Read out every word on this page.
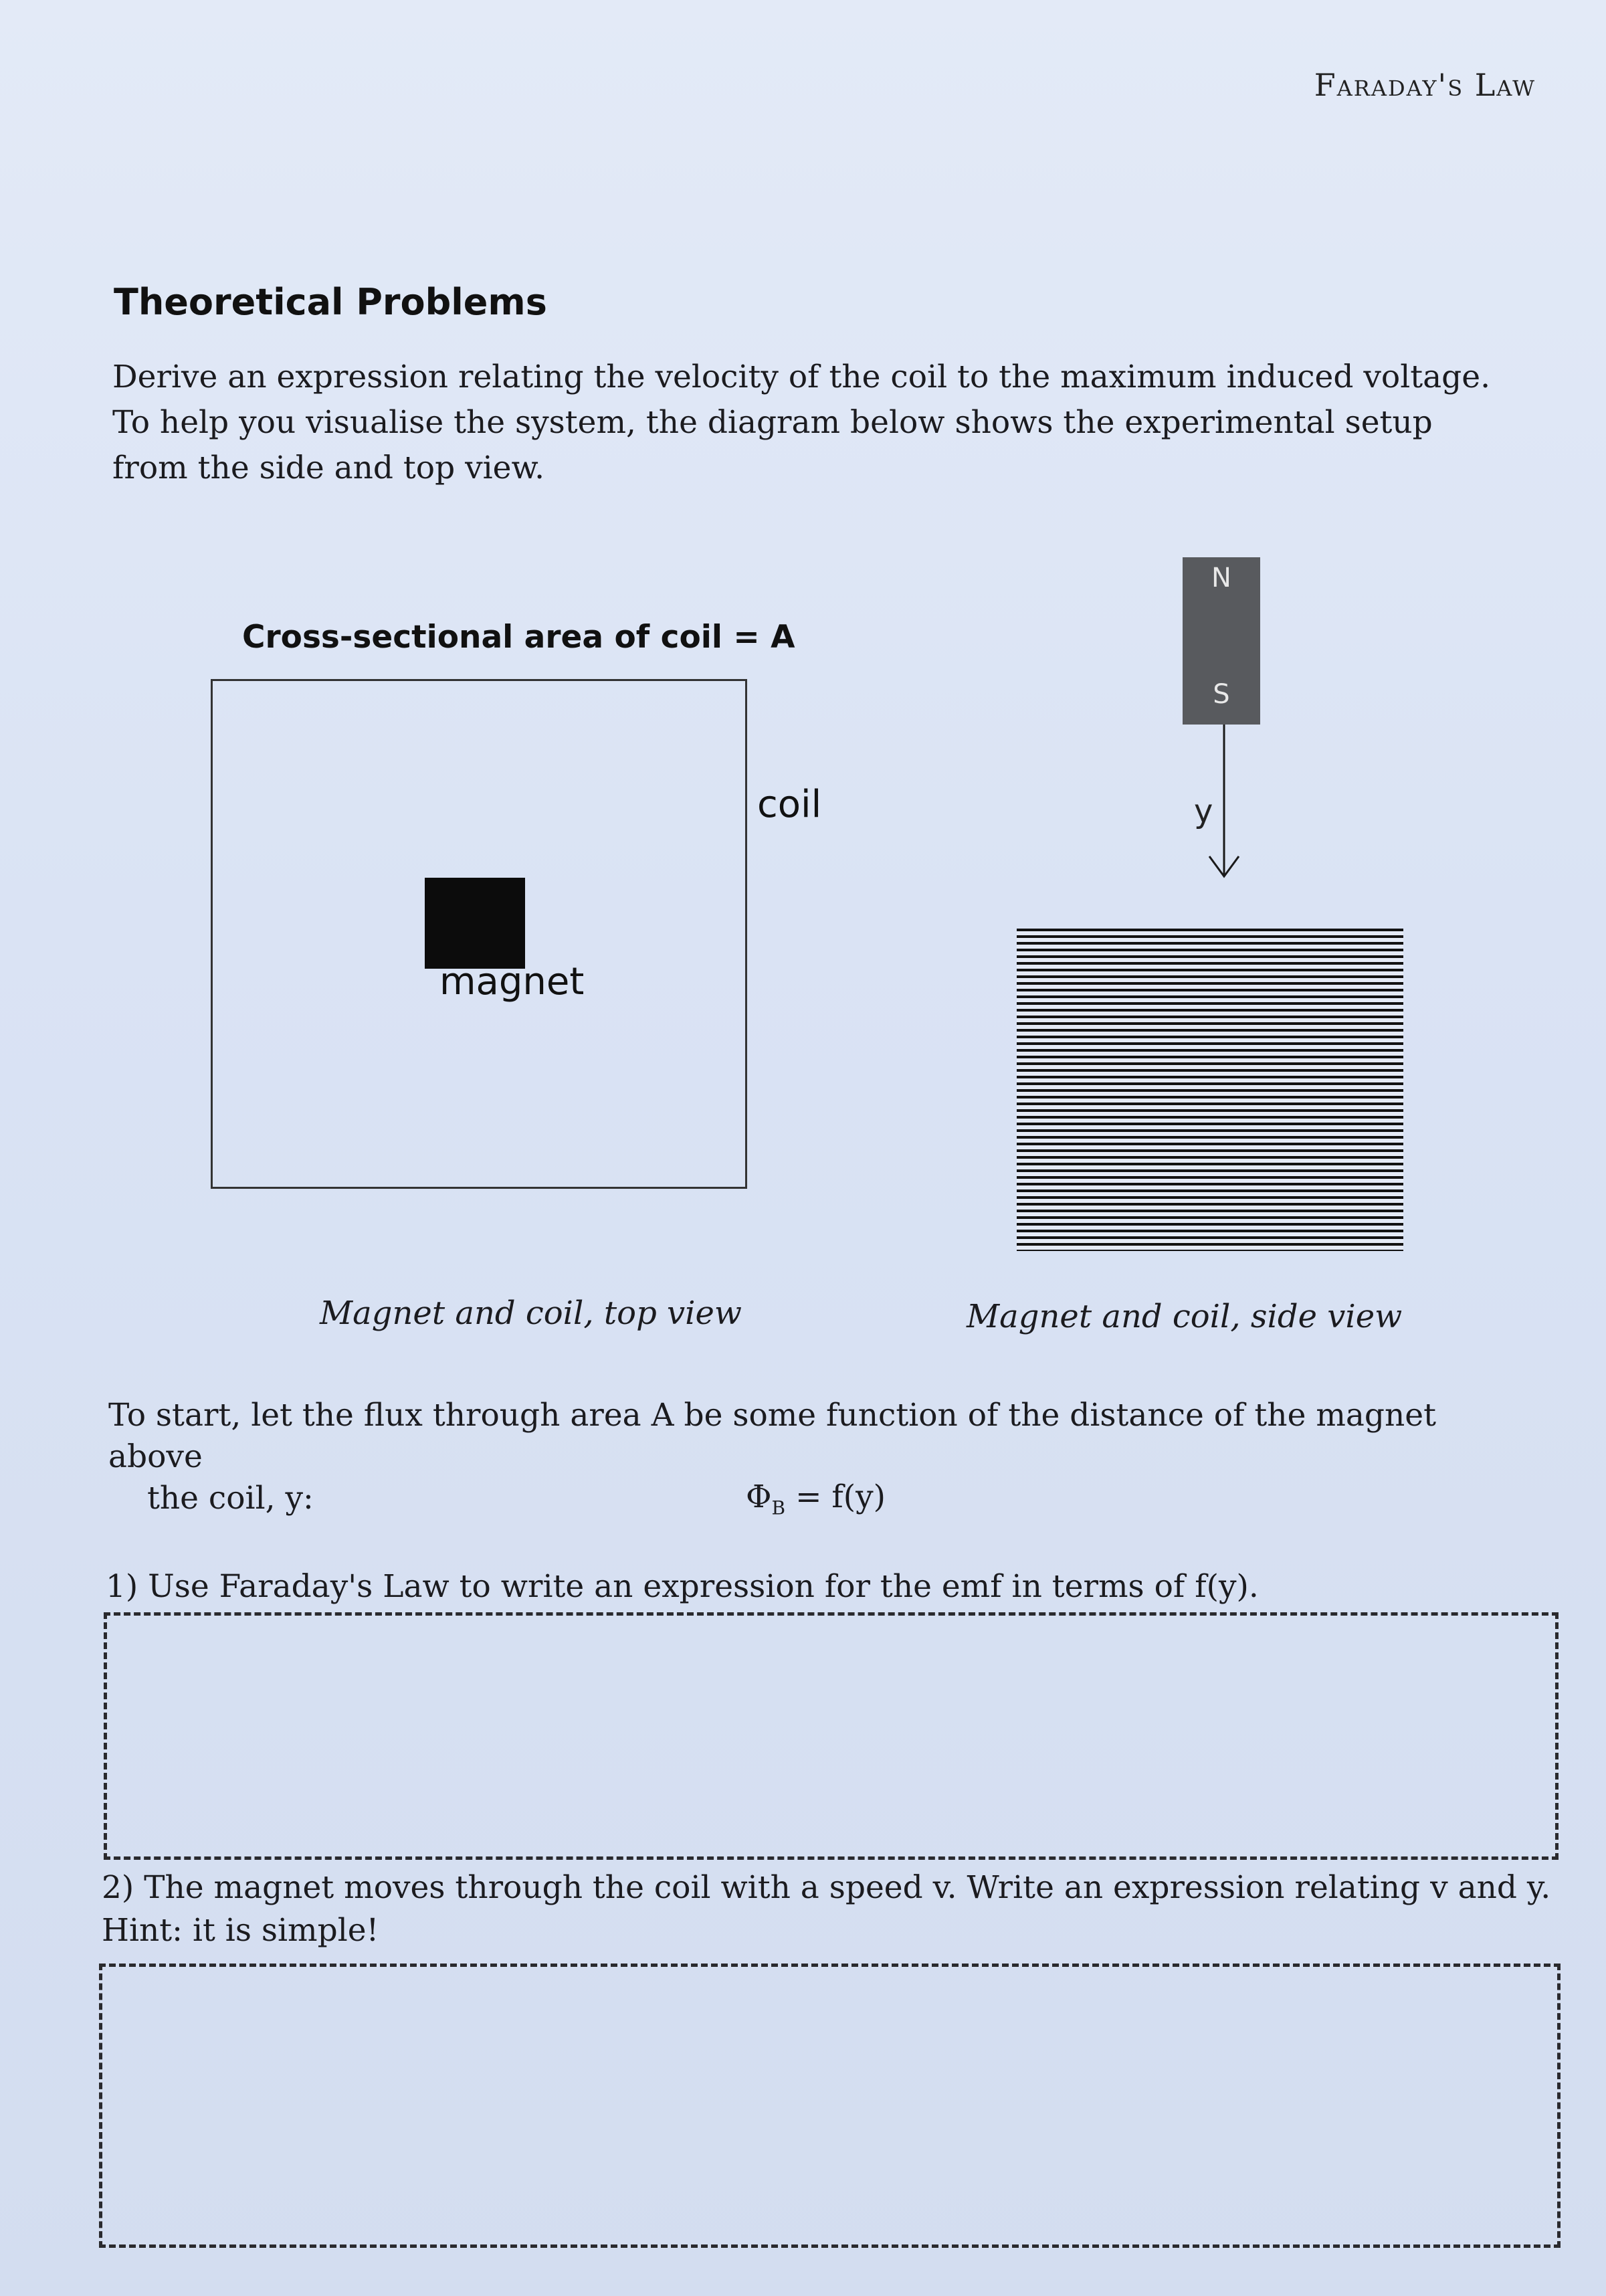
Faraday's Law
Theoretical Problems
Derive an expression relating the velocity of the coil to the maximum induced voltage. To help you visualise the system, the diagram below shows the experimental setup from the side and top view.
Cross-sectional area of coil = A
magnet
coil
N
S
y
Magnet and coil, top view	Magnet and coil, side view
To start, let the flux through area A be some function of the distance of the magnet above
the coil, y:	$\Phi_B = f(y)$
1) Use Faraday's Law to write an expression for the emf in terms of f(y).
2) The magnet moves through the coil with a speed v. Write an expression relating v and y. Hint: it is simple!
